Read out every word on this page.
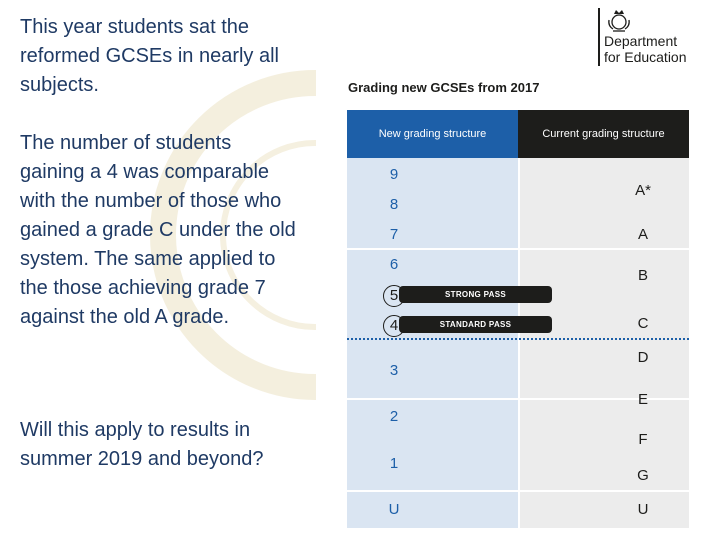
This year students sat the reformed GCSEs in nearly all subjects.

The number of students gaining a 4 was comparable with the number of those who gained a grade C under the old system. The same applied to the those achieving grade 7 against the old A grade.

Will this apply to results in summer 2019 and beyond?

Department
for Education

Grading new GCSEs from 2017

New grading structure	Current grading structure
9
8
7
6
5
4
3
2
1
U
STRONG PASS
STANDARD PASS
A*
A
B
C
D
E
F
G
U
